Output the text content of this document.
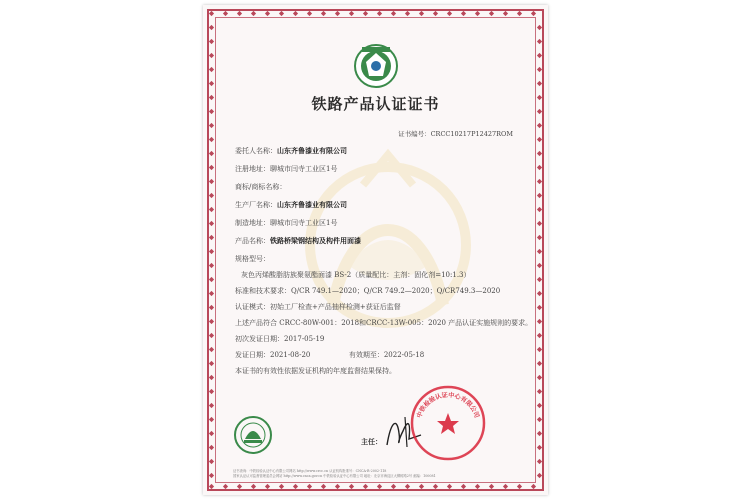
铁路产品认证证书
证书编号：CRCC10217P12427ROM
委托人名称：山东齐鲁漆业有限公司
注册地址：聊城市闫寺工业区1号
商标/商标名称：
生产厂名称：山东齐鲁漆业有限公司
制造地址：聊城市闫寺工业区1号
产品名称：铁路桥梁钢结构及构件用面漆
规格型号：
灰色丙烯酸脂肪族聚氨酯面漆 BS-2（质量配比：主剂：固化剂=10:1.3）
标准和技术要求：Q/CR 749.1—2020；Q/CR 749.2—2020；Q/CR749.3—2020
认证模式：初始工厂检查+产品抽样检测+获证后监督
上述产品符合 CRCC-80W-001：2018和CRCC-13W-005：2020 产品认证实施规则的要求。
初次发证日期：2017-05-19
发证日期：2021-08-20	有效期至：2022-05-18
本证书的有效性依据发证机构的年度监督结果保持。
主任：
中铁检验认证中心有限公司
证书查询：中铁检验认证中心有限公司网站 http://www.crcc.cn 认证机构批准号：CNCA-R-2002-118
国家认证认可监督管理委员会网站 http://www.cnca.gov.cn 中铁检验认证中心有限公司 地址：北京市海淀区大柳树路2号 邮编：100081
